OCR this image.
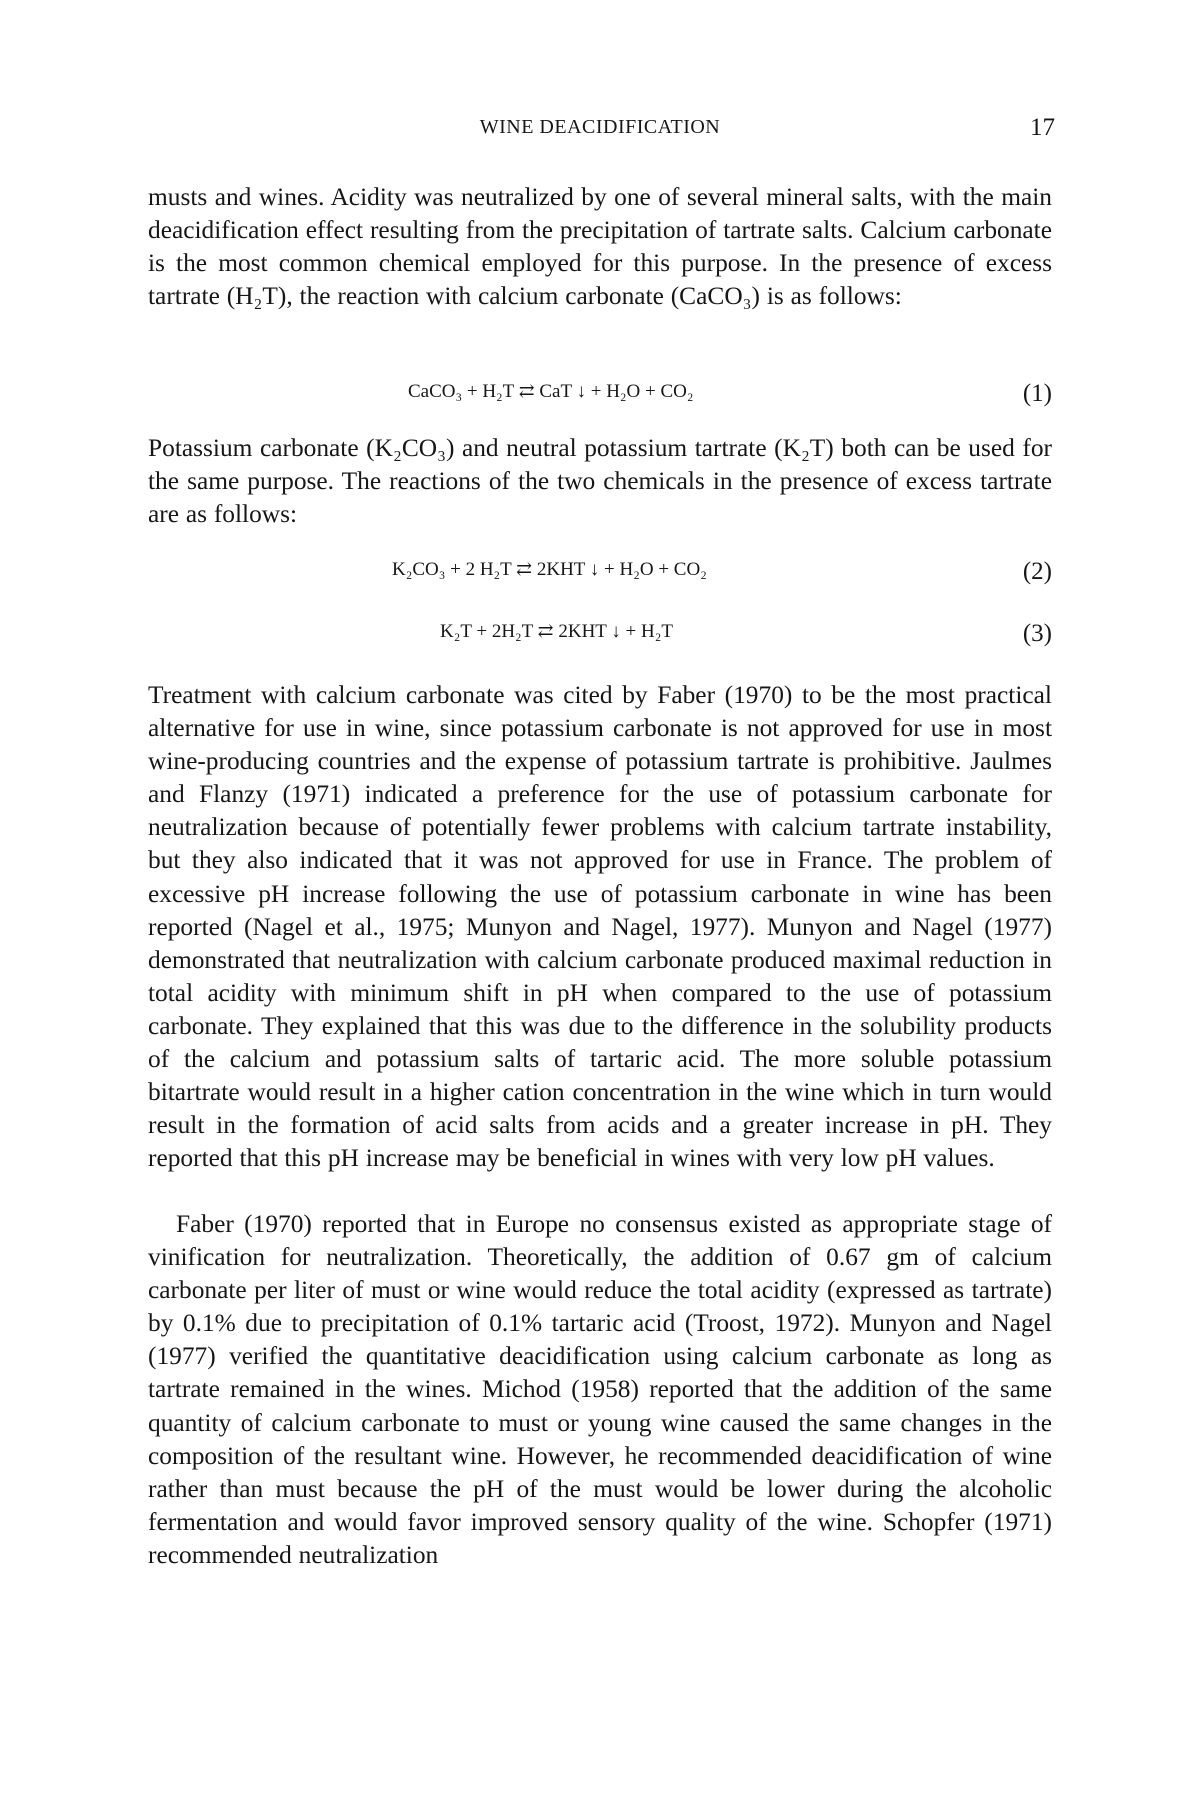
WINE DEACIDIFICATION	17

musts and wines. Acidity was neutralized by one of several mineral salts, with the main deacidification effect resulting from the precipitation of tartrate salts. Calcium carbonate is the most common chemical employed for this purpose. In the presence of excess tartrate (H₂T), the reaction with calcium carbonate (CaCO₃) is as follows:

CaCO₃ + H₂T ⇄ CaT ↓ + H₂O + CO₂	(1)

Potassium carbonate (K₂CO₃) and neutral potassium tartrate (K₂T) both can be used for the same purpose. The reactions of the two chemicals in the presence of excess tartrate are as follows:

K₂CO₃ + 2 H₂T ⇄ 2KHT ↓ + H₂O + CO₂	(2)
K₂T + 2H₂T ⇄ 2KHT ↓ + H₂T	(3)

Treatment with calcium carbonate was cited by Faber (1970) to be the most practical alternative for use in wine, since potassium carbonate is not approved for use in most wine-producing countries and the expense of potassium tartrate is prohibitive. Jaulmes and Flanzy (1971) indicated a preference for the use of potassium carbonate for neutralization because of potentially fewer problems with calcium tartrate instability, but they also indicated that it was not approved for use in France. The problem of excessive pH increase following the use of potassium carbonate in wine has been reported (Nagel et al., 1975; Munyon and Nagel, 1977). Munyon and Nagel (1977) demonstrated that neutralization with calcium carbonate produced maximal reduction in total acidity with minimum shift in pH when compared to the use of potassium carbonate. They explained that this was due to the difference in the solubility products of the calcium and potassium salts of tartaric acid. The more soluble potassium bitartrate would result in a higher cation concentration in the wine which in turn would result in the formation of acid salts from acids and a greater increase in pH. They reported that this pH increase may be beneficial in wines with very low pH values.

Faber (1970) reported that in Europe no consensus existed as appropriate stage of vinification for neutralization. Theoretically, the addition of 0.67 gm of calcium carbonate per liter of must or wine would reduce the total acidity (expressed as tartrate) by 0.1% due to precipitation of 0.1% tartaric acid (Troost, 1972). Munyon and Nagel (1977) verified the quantitative deacidification using calcium carbonate as long as tartrate remained in the wines. Michod (1958) reported that the addition of the same quantity of calcium carbonate to must or young wine caused the same changes in the composition of the resultant wine. However, he recommended deacidification of wine rather than must because the pH of the must would be lower during the alcoholic fermentation and would favor improved sensory quality of the wine. Schopfer (1971) recommended neutralization
